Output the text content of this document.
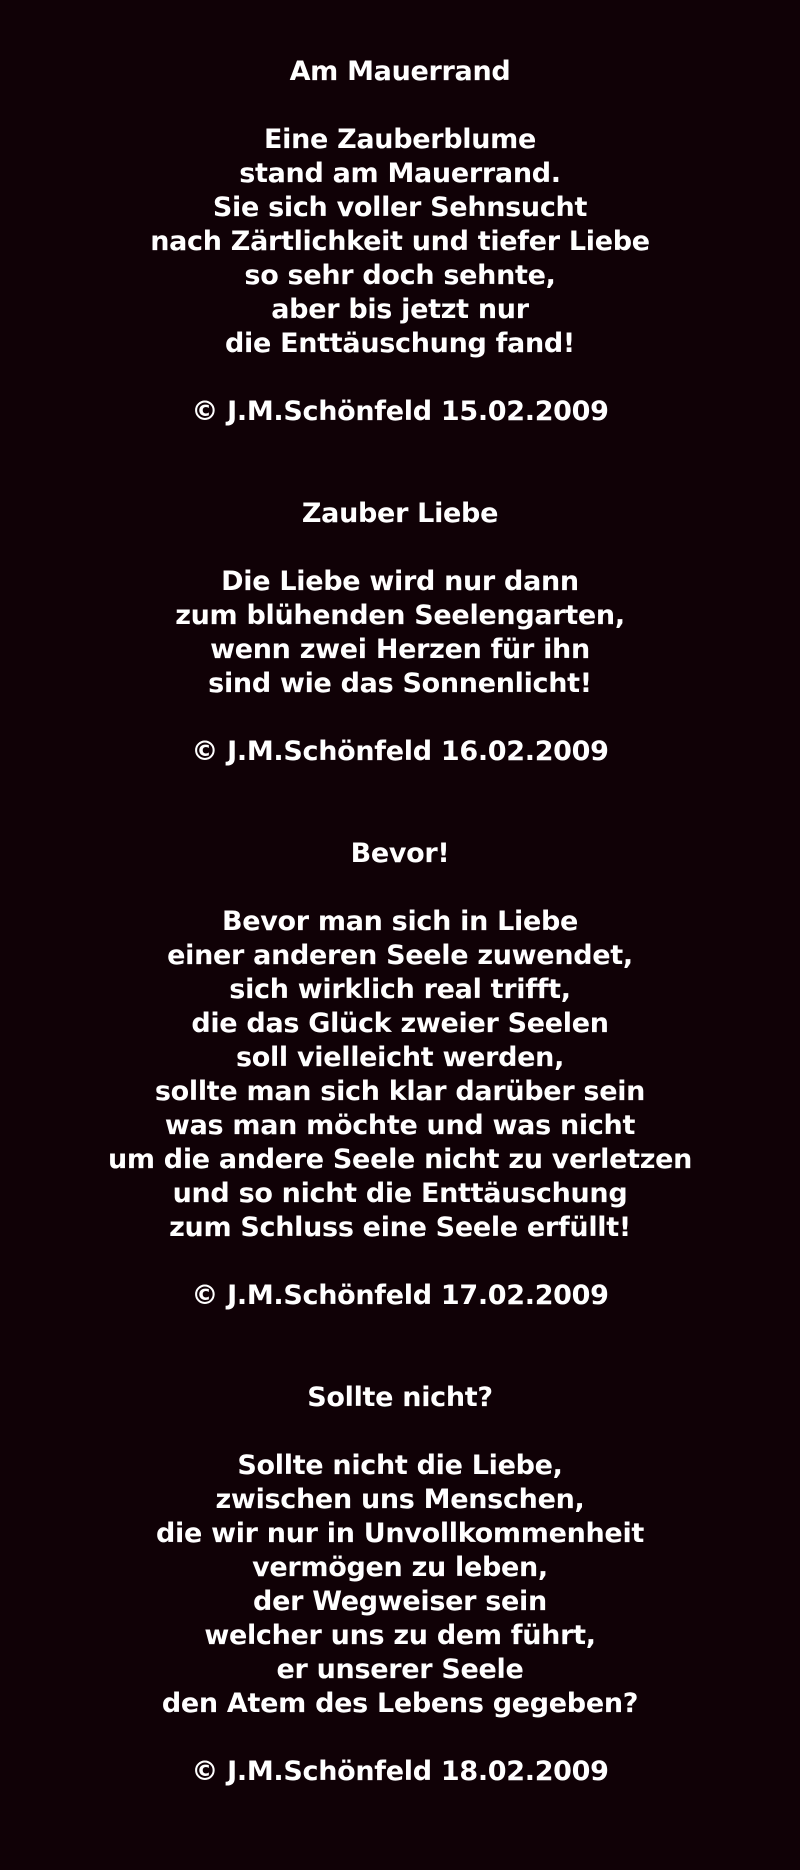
Am Mauerrand
Eine Zauberblume
stand am Mauerrand.
Sie sich voller Sehnsucht
nach Zärtlichkeit und tiefer Liebe
so sehr doch sehnte,
aber bis jetzt nur
die Enttäuschung fand!
© J.M.Schönfeld 15.02.2009
Zauber Liebe
Die Liebe wird nur dann
zum blühenden Seelengarten,
wenn zwei Herzen für ihn
sind wie das Sonnenlicht!
© J.M.Schönfeld 16.02.2009
Bevor!
Bevor man sich in Liebe
einer anderen Seele zuwendet,
sich wirklich real trifft,
die das Glück zweier Seelen
soll vielleicht werden,
sollte man sich klar darüber sein
was man möchte und was nicht
um die andere Seele nicht zu verletzen
und so nicht die Enttäuschung
zum Schluss eine Seele erfüllt!
© J.M.Schönfeld 17.02.2009
Sollte nicht?
Sollte nicht die Liebe,
zwischen uns Menschen,
die wir nur in Unvollkommenheit
vermögen zu leben,
der Wegweiser sein
welcher uns zu dem führt,
er unserer Seele
den Atem des Lebens gegeben?
© J.M.Schönfeld 18.02.2009
